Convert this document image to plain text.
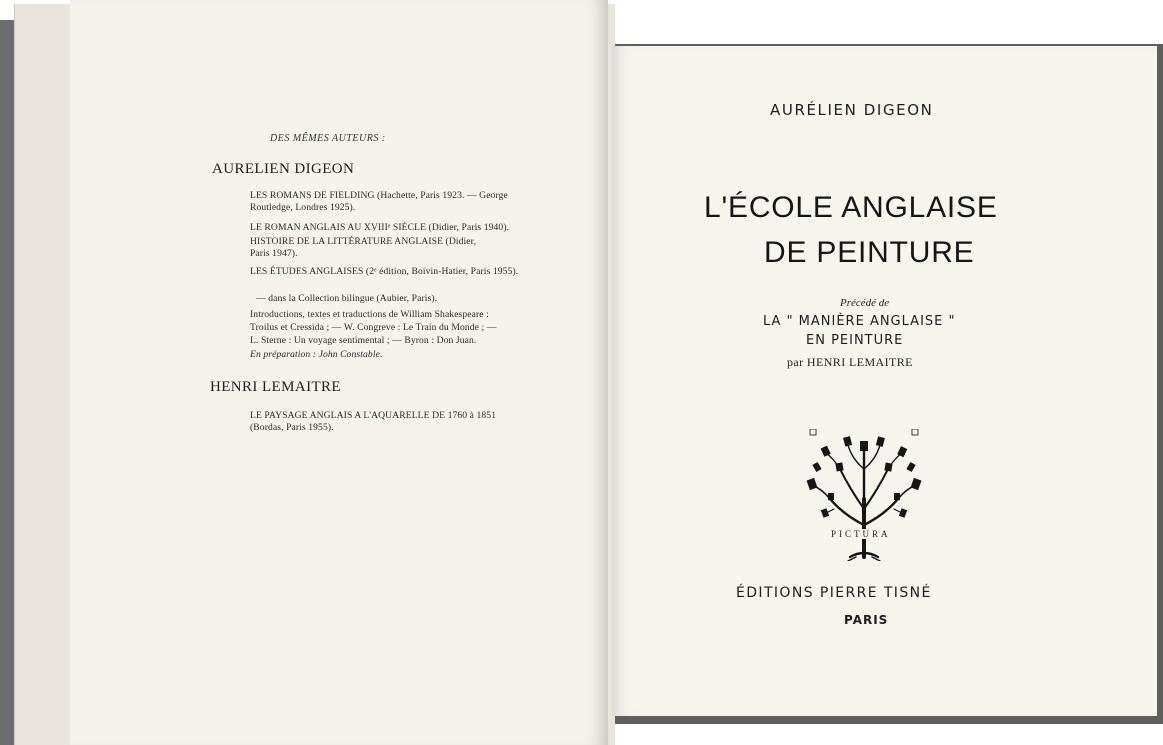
DES MÊMES AUTEURS :
AURELIEN DIGEON
LES ROMANS DE FIELDING (Hachette, Paris 1923. — George
Routledge, Londres 1925).
LE ROMAN ANGLAIS AU XVIIIᵉ SIÈCLE (Didier, Paris 1940).
HISTOIRE DE LA LITTÉRATURE ANGLAISE (Didier,
Paris 1947).
LES ÉTUDES ANGLAISES (2ᵉ édition, Boivin-Hatier, Paris 1955).
— dans la Collection bilingue (Aubier, Paris).
Introductions, textes et traductions de William Shakespeare :
Troilus et Cressida ; — W. Congreve : Le Train du Monde ; —
L. Sterne : Un voyage sentimental ; — Byron : Don Juan.
En préparation : John Constable.
HENRI LEMAITRE
LE PAYSAGE ANGLAIS A L'AQUARELLE DE 1760 à 1851
(Bordas, Paris 1955).
AURÉLIEN DIGEON
L'ÉCOLE ANGLAISE
DE PEINTURE
Précédé de
LA " MANIÈRE ANGLAISE "
EN PEINTURE
par HENRI LEMAITRE
PICTURA
ÉDITIONS PIERRE TISNÉ
PARIS
